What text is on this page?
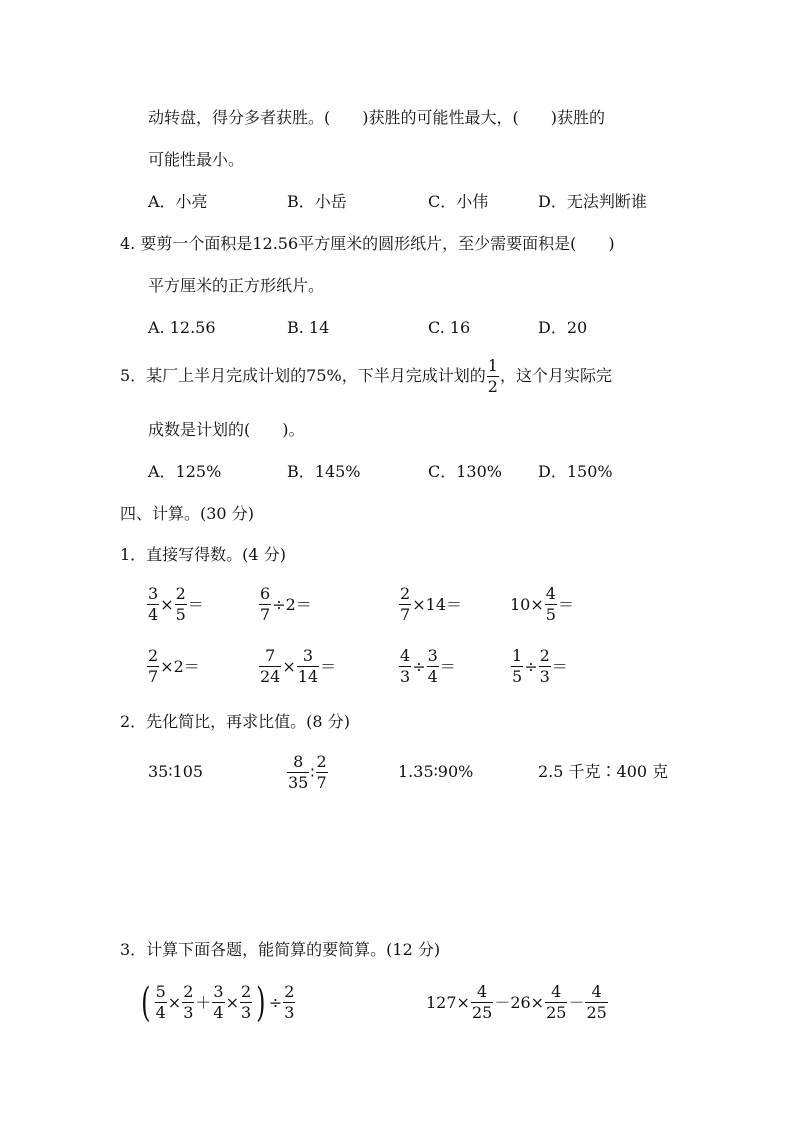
动转盘，得分多者获胜。(　　)获胜的可能性最大，(　　)获胜的
可能性最小。
A．小亮	B．小岳	C．小伟	D．无法判断谁
4. 要剪一个面积是12.56平方厘米的圆形纸片，至少需要面积是(　　)
平方厘米的正方形纸片。
A. 12.56	B. 14	C. 16	D．20
5．某厂上半月完成计划的75%，下半月完成计划的 $\frac{1}{2}$ ，这个月实际完
成数是计划的(　　)。
A．125%	B．145%	C．130% D．150%
四、计算。(30 分)
1．直接写得数。(4 分)
$\frac{3}{4} \times \frac{2}{5}$ ＝	$\frac{6}{7} \div 2=$	$\frac{2}{7} \times 14=$	$10\times \frac{4}{5}$ ＝
$\frac{2}{7} \times 2=$	$\frac{7}{24} \times \frac{3}{14}$ ＝	$\frac{4}{3} \div \frac{3}{4}$ ＝	$\frac{1}{5} \div \frac{2}{3}$ ＝
2．先化简比，再求比值。(8 分)
35∶105	$\frac{8}{35}$ ∶ $\frac{2}{7}$	1.35∶90%	2.5 千克∶400 克
3．计算下面各题，能简算的要简算。(12 分)
( $\frac{5}{4} \times \frac{2}{3} + \frac{3}{4} \times \frac{2}{3}$ ) ÷ $\frac{2}{3}$	$127\times \frac{4}{25} -26\times \frac{4}{25} - \frac{4}{25}$
